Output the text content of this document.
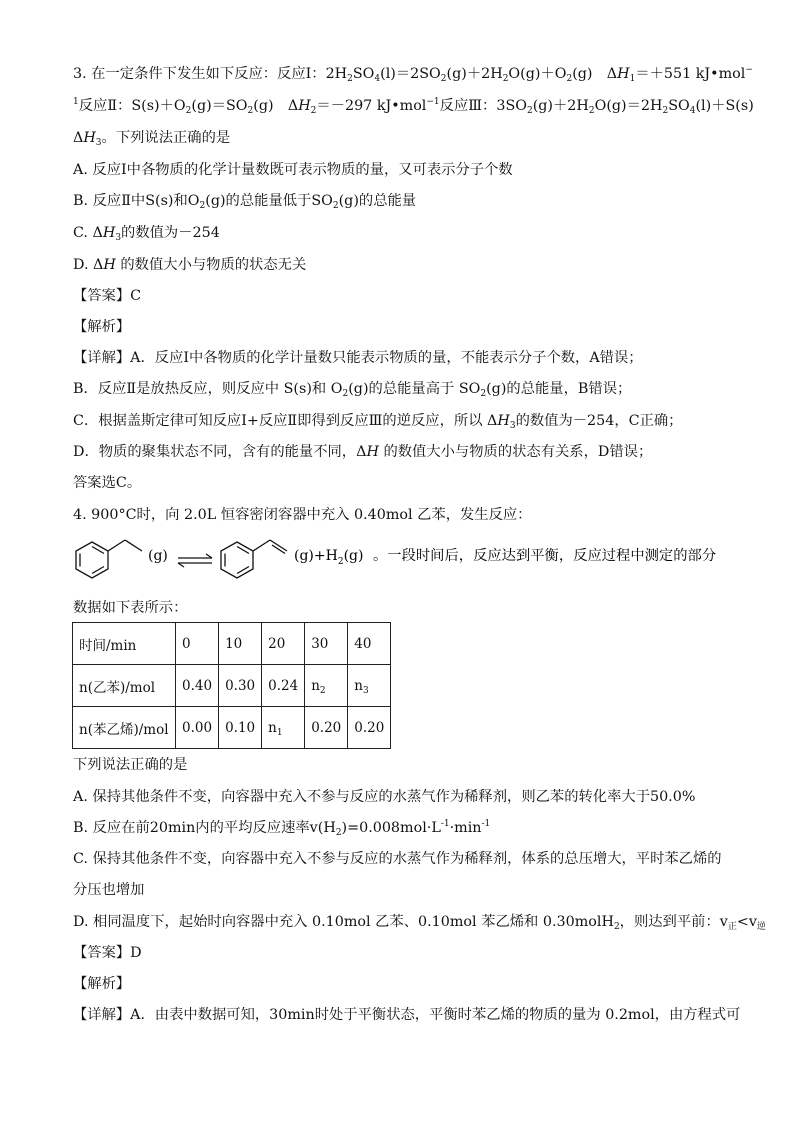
3. 在一定条件下发生如下反应：反应Ⅰ：$2H_2SO_4(l)=2SO_2(g)+2H_2O(g)+O_2(g)$　$\Delta H_1=+551$ kJ•mol−
$^1$反应Ⅱ：$S(s)+O_2(g)=SO_2(g)$　$\Delta H_2=-297$ kJ•mol$^{-1}$反应Ⅲ：$3SO_2(g)+2H_2O(g)=2H_2SO_4(l)+S(s)$
$\Delta H_3$。下列说法正确的是
A. 反应Ⅰ中各物质的化学计量数既可表示物质的量，又可表示分子个数
B. 反应Ⅱ中S(s)和$O_2(g)$的总能量低于$SO_2(g)$的总能量
C. $\Delta H_3$的数值为－254
D. ΔH 的数值大小与物质的状态无关
【答案】C
【解析】
【详解】A．反应Ⅰ中各物质的化学计量数只能表示物质的量，不能表示分子个数，A错误；
B．反应Ⅱ是放热反应，则反应中 S(s)和 $O_2(g)$的总能量高于 $SO_2(g)$的总能量，B错误；
C．根据盖斯定律可知反应Ⅰ+反应Ⅱ即得到反应Ⅲ的逆反应，所以 $\Delta H_3$的数值为－254，C正确；
D．物质的聚集状态不同，含有的能量不同，ΔH 的数值大小与物质的状态有关系，D错误；
答案选C。
4. 900°C时，向 2.0L 恒容密闭容器中充入 0.40mol 乙苯，发生反应：
(g)	$(g)+H_2(g)$ 。一段时间后，反应达到平衡，反应过程中测定的部分
数据如下表所示：
时间/min	0	10	20	30	40
n(乙苯)/mol	0.40	0.30	0.24	$n_2$	$n_3$
n(苯乙烯)/mol	0.00	0.10	$n_1$	0.20	0.20
下列说法正确的是
A. 保持其他条件不变，向容器中充入不参与反应的水蒸气作为稀释剂，则乙苯的转化率大于50.0%
B. 反应在前20min内的平均反应速率$v(H_2)=0.008mol\cdot L^{-1}\cdot\min^{-1}$
C. 保持其他条件不变，向容器中充入不参与反应的水蒸气作为稀释剂，体系的总压增大，平时苯乙烯的
分压也增加
D. 相同温度下，起始时向容器中充入 0.10mol 乙苯、0.10mol 苯乙烯和 0.30molH$_2$，则达到平前：$v_正<v_逆$
【答案】D
【解析】
【详解】A．由表中数据可知，30min时处于平衡状态，平衡时苯乙烯的物质的量为 0.2mol，由方程式可
